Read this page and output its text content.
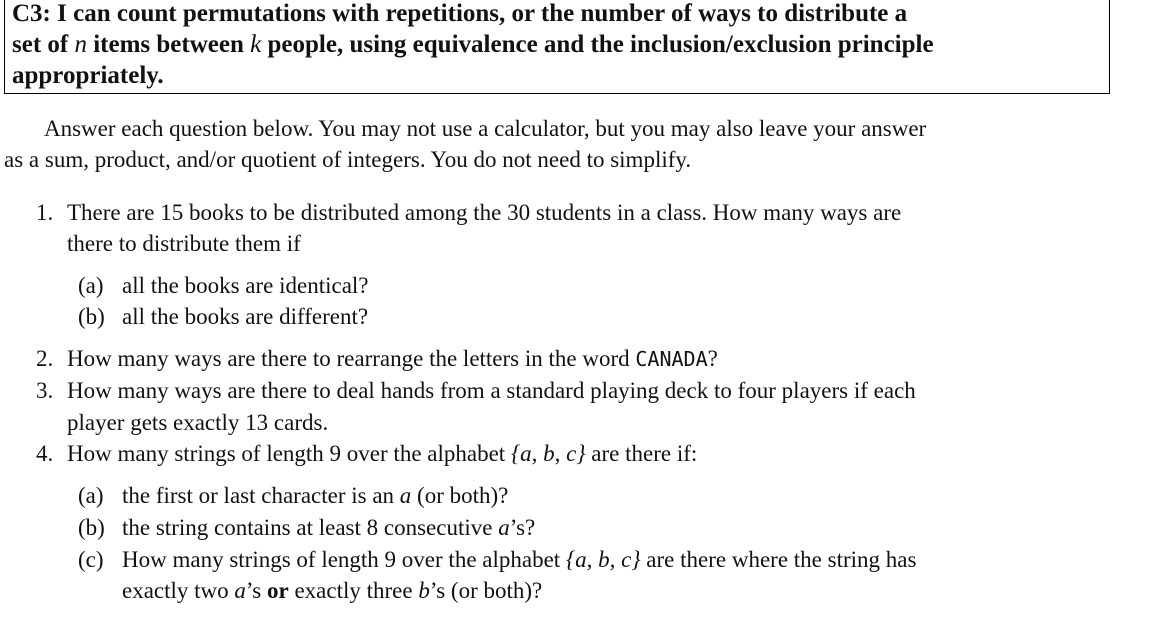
C3: I can count permutations with repetitions, or the number of ways to distribute a
set of n items between k people, using equivalence and the inclusion/exclusion principle
appropriately.
Answer each question below. You may not use a calculator, but you may also leave your answer
as a sum, product, and/or quotient of integers. You do not need to simplify.
1. There are 15 books to be distributed among the 30 students in a class. How many ways are
there to distribute them if
(a) all the books are identical?
(b) all the books are different?
2. How many ways are there to rearrange the letters in the word CANADA?
3. How many ways are there to deal hands from a standard playing deck to four players if each
player gets exactly 13 cards.
4. How many strings of length 9 over the alphabet {a, b, c} are there if:
(a) the first or last character is an a (or both)?
(b) the string contains at least 8 consecutive a’s?
(c) How many strings of length 9 over the alphabet {a, b, c} are there where the string has
exactly two a’s or exactly three b’s (or both)?
